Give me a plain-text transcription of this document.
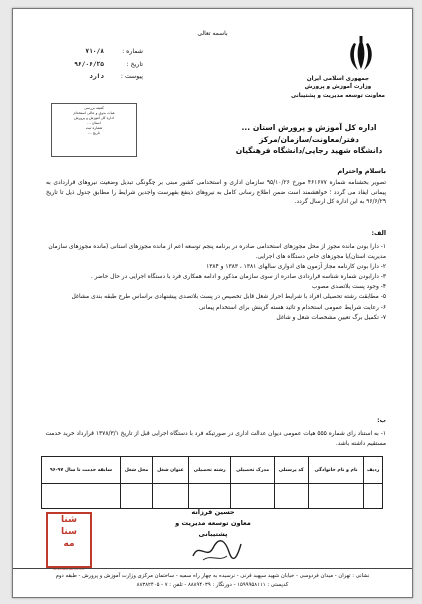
باسمه تعالی
جمهوری اسلامی ایران
وزارت آموزش و پرورش
معاونت توسعه مدیریت و پشتیبانی
شماره :
۷۱۰/۸
تاریخ :
۹۶/۰۶/۲۵
پیوست :
دارد
کمیته بررسی
هیات بدوی و عالی استخدام
اداره کل آموزش و پرورش
استان ...
شماره ثبت
تاریخ ...
اداره کل آموزش و پرورش استان ...
دفتر/معاونت/سازمان/مرکز
دانشگاه شهید رجایی/دانشگاه فرهنگیان
باسلام واحترام
تصویر بخشنامه شماره ۴۶۱۶۷۷ مورخ ۹۵/۱۰/۲۶ سازمان اداری و استخدامی کشور مبنی بر چگونگی تبدیل وضعیت نیروهای قراردادی به پیمانی ایفاد می گردد ؛ خواهشمند است ضمن اطلاع رسانی کامل به نیروهای ذینفع بفهرست واجدین شرایط را مطابق جدول ذیل تا تاریخ ۹۶/۶/۲۹ به این اداره کل ارسال گردد.
الف:

۱- دارا بودن مانده مجوز از محل مجوزهای استخدامی صادره در برنامه پنجم توسعه اعم از مانده مجوزهای استانی (مانده مجوزهای سازمان مدیریت استان)یا مجوزهای خاص دستگاه های اجرایی.

۲- دارا بودن کارنامه مجاز آزمون های ادواری سالهای ۱۳۸۱ ، ۱۳۸۳ و ۱۳۸۴

۳- دارابودن شماره شناسه قراردادی صادره از سوی سازمان مذکور و ادامه همکاری فرد با دستگاه اجرایی در حال حاضر .

۴- وجود پست بلاتصدی مصوب

۵- مطابقت رشته تحصیلی افراد با شرایط احراز شغل قابل تخصیص در پست بلاتصدی پیشنهادی براساس طرح طبقه بندی مشاغل

۶- رعایت شرایط عمومی استخدام و تائید هسته گزینش برای استخدام پیمانی

۷- تکمیل برگ تعیین مشخصات شغل و شاغل

ب:
۱- به استناد رای شماره ۵۵۵ هیات عمومی دیوان عدالت اداری در صورتیکه فرد با دستگاه اجرایی قبل از تاریخ ۱۳۷۸/۳/۱ قرارداد خرید خدمت مستقیم داشته باشد.
ردیف	نام و نام خانوادگی	کد پرسنلی	مدرک تحصیلی	رشته تحصیلی	عنوان شغل	محل شغل	سابقه خدمت تا سال ۹۷-۹۶

حسین فرزانه
معاون توسعه مدیریت و پشتیبانی
شنا
سنا
مه
shenasnameh.ir
نشانی : تهران - میدان فردوسی - خیابان شهید سپهبد قرنی - نرسیده به چهار راه سمیه - ساختمان مرکزی وزارت آموزش و پرورش - طبقه دوم
کدپستی : ۱۵۹۹۹۵۸۱۱۱ - دورنگار : ۸۸۸۹۴۰۳۹ - تلفن : ۷ - ۸۸۳۸۲۴۰۵
